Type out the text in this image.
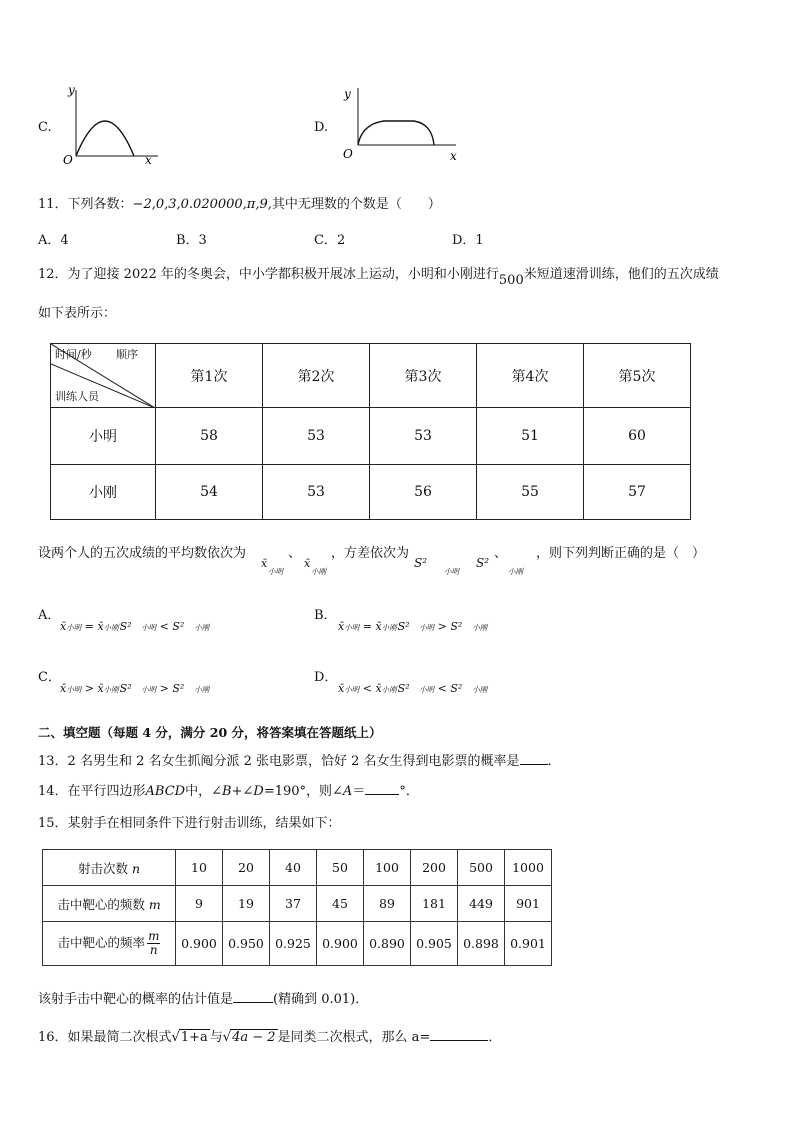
C.
y
x
O
D.
y
x
O
11．下列各数：−2,0,3,0.020000,π,9,其中无理数的个数是（　　）
A．4	B．3	C．2	D．1
12．为了迎接 2022 年的冬奥会，中小学都积极开展冰上运动，小明和小刚进行500米短道速滑训练，他们的五次成绩
如下表所示：
时间/秒 顺序
训练人员	第1次	第2次	第3次	第4次	第5次
小明	58	53	53	51	60
小刚	54	53	56	55	57
设两个人的五次成绩的平均数依次为	、 ，方差依次为	、 ，则下列判断正确的是（　）
x̄
小明
x̄
小刚
S²
小明
S²
小刚
A．
x̄小明 = x̄小刚S² 小明 < S² 小刚
B．
x̄小明 = x̄小刚S² 小明 > S² 小刚
C．
x̄小明 > x̄小刚S² 小明 > S² 小刚
D．
x̄小明 < x̄小刚S² 小明 < S² 小刚
二、填空题（每题 4 分，满分 20 分，将答案填在答题纸上）
13．2 名男生和 2 名女生抓阄分派 2 张电影票，恰好 2 名女生得到电影票的概率是 ．
14．在平行四边形ABCD中，∠B+∠D=190°，则∠A＝	°．
15．某射手在相同条件下进行射击训练，结果如下：
射击次数 n	10	20	40	50	100	200	500	1000
击中靶心的频数 m	9	19	37	45	89	181	449	901
击中靶心的频率 $\frac{m}{n}$	0.900	0.950	0.925	0.900	0.890	0.905	0.898	0.901
该射手击中靶心的概率的估计值是	(精确到 0.01)．
16．如果最简二次根式√1+a 与√4a − 2 是同类二次根式，那么 a=	．
